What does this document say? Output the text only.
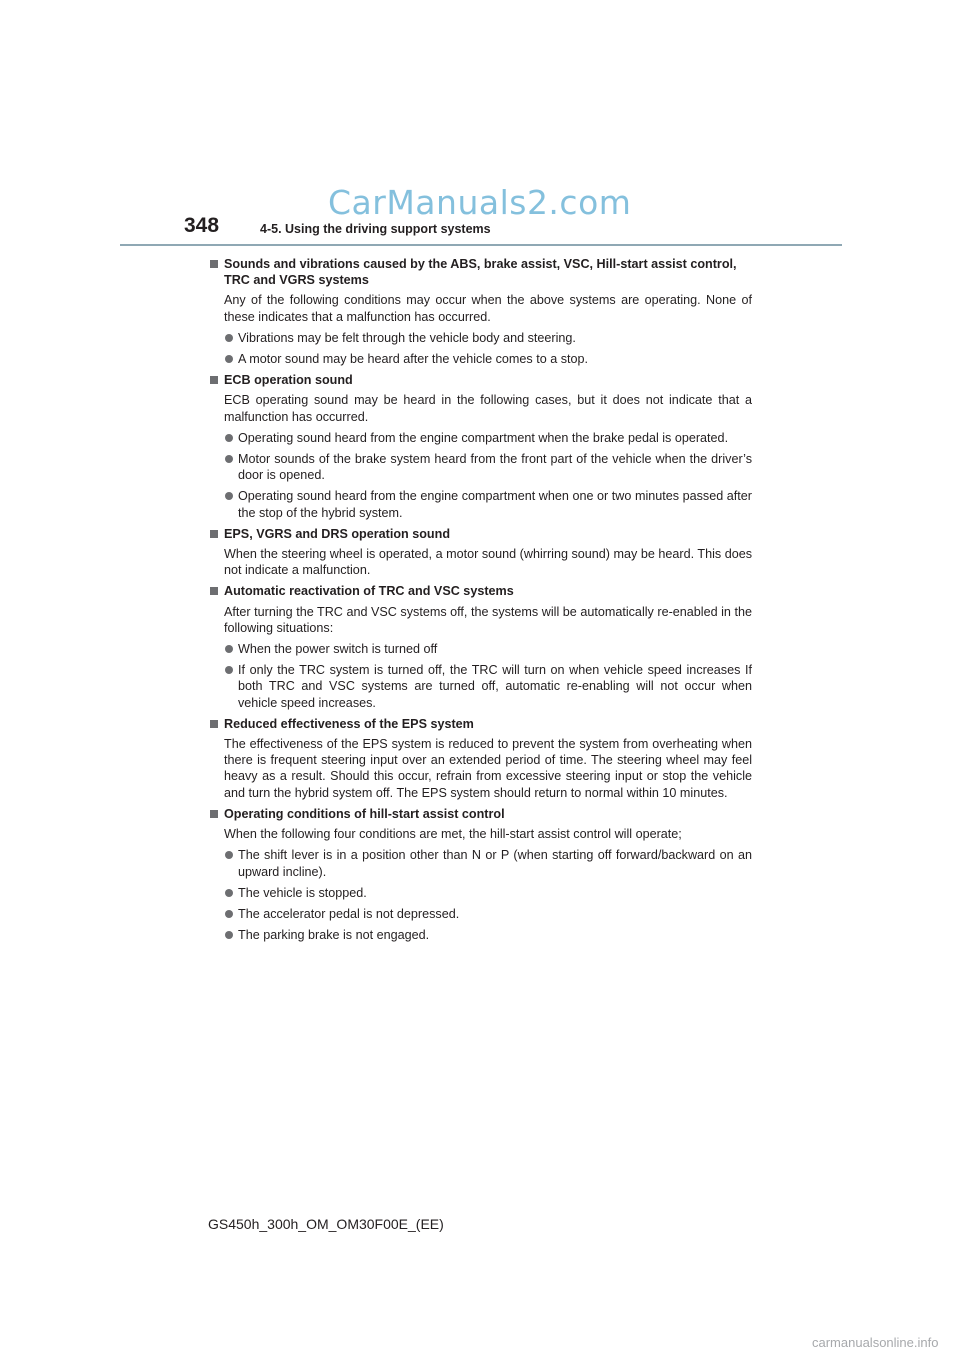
CarManuals2.com
348	4-5. Using the driving support systems
Sounds and vibrations caused by the ABS, brake assist, VSC, Hill-start assist control, TRC and VGRS systems
Any of the following conditions may occur when the above systems are operating. None of these indicates that a malfunction has occurred.
Vibrations may be felt through the vehicle body and steering.
A motor sound may be heard after the vehicle comes to a stop.
ECB operation sound
ECB operating sound may be heard in the following cases, but it does not indicate that a malfunction has occurred.
Operating sound heard from the engine compartment when the brake pedal is operated.
Motor sounds of the brake system heard from the front part of the vehicle when the driver’s door is opened.
Operating sound heard from the engine compartment when one or two minutes passed after the stop of the hybrid system.
EPS, VGRS and DRS operation sound
When the steering wheel is operated, a motor sound (whirring sound) may be heard. This does not indicate a malfunction.
Automatic reactivation of TRC and VSC systems
After turning the TRC and VSC systems off, the systems will be automatically re-enabled in the following situations:
When the power switch is turned off
If only the TRC system is turned off, the TRC will turn on when vehicle speed increases If both TRC and VSC systems are turned off, automatic re-enabling will not occur when vehicle speed increases.
Reduced effectiveness of the EPS system
The effectiveness of the EPS system is reduced to prevent the system from overheating when there is frequent steering input over an extended period of time. The steering wheel may feel heavy as a result. Should this occur, refrain from excessive steering input or stop the vehicle and turn the hybrid system off. The EPS system should return to normal within 10 minutes.
Operating conditions of hill-start assist control
When the following four conditions are met, the hill-start assist control will operate;
The shift lever is in a position other than N or P (when starting off forward/backward on an upward incline).
The vehicle is stopped.
The accelerator pedal is not depressed.
The parking brake is not engaged.
GS450h_300h_OM_OM30F00E_(EE)
carmanualsonline.info
